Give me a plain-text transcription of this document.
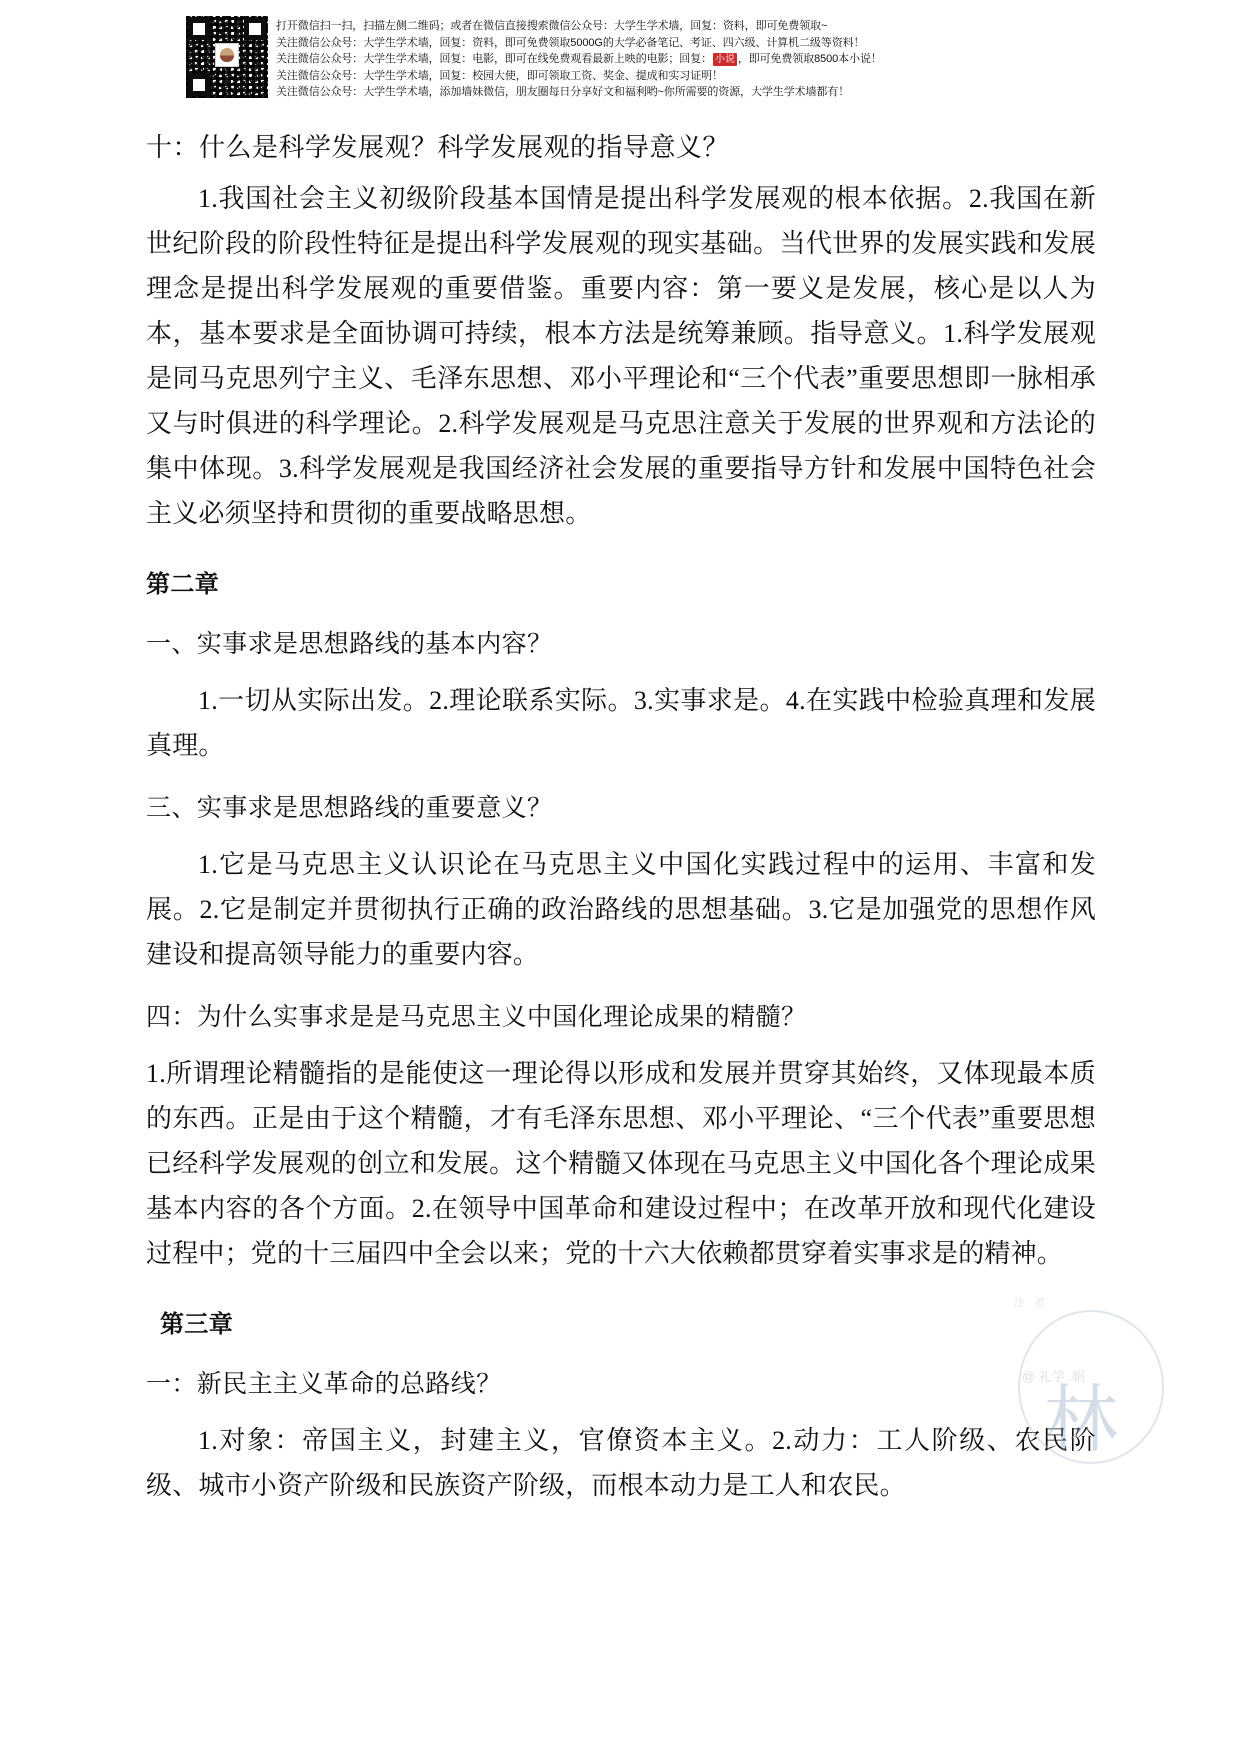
打开微信扫一扫，扫描左侧二维码；或者在微信直接搜索微信公众号：大学生学术墙，回复：资料，即可免费领取~
关注微信公众号：大学生学术墙，回复：资料，即可免费领取5000G的大学必备笔记、考证、四六级、计算机二级等资料！
关注微信公众号：大学生学术墙，回复：电影，即可在线免费观看最新上映的电影；回复： 小说 ，即可免费领取8500本小说！
关注微信公众号：大学生学术墙，回复：校园大使，即可领取工资、奖金、提成和实习证明！
关注微信公众号：大学生学术墙，添加墙妹微信，朋友圈每日分享好文和福利哟~你所需要的资源，大学生学术墙都有！
十：什么是科学发展观？科学发展观的指导意义？

1.我国社会主义初级阶段基本国情是提出科学发展观的根本依据。2.我国在新世纪阶段的阶段性特征是提出科学发展观的现实基础。当代世界的发展实践和发展理念是提出科学发展观的重要借鉴。重要内容：第一要义是发展，核心是以人为本，基本要求是全面协调可持续，根本方法是统筹兼顾。指导意义。1.科学发展观是同马克思列宁主义、毛泽东思想、邓小平理论和“三个代表”重要思想即一脉相承又与时俱进的科学理论。2.科学发展观是马克思注意关于发展的世界观和方法论的集中体现。3.科学发展观是我国经济社会发展的重要指导方针和发展中国特色社会主义必须坚持和贯彻的重要战略思想。

第二章
一、实事求是思想路线的基本内容？

1.一切从实际出发。2.理论联系实际。3.实事求是。4.在实践中检验真理和发展真理。

三、实事求是思想路线的重要意义？

1.它是马克思主义认识论在马克思主义中国化实践过程中的运用、丰富和发展。2.它是制定并贯彻执行正确的政治路线的思想基础。3.它是加强党的思想作风建设和提高领导能力的重要内容。

四：为什么实事求是是马克思主义中国化理论成果的精髓？

1.所谓理论精髓指的是能使这一理论得以形成和发展并贯穿其始终，又体现最本质的东西。正是由于这个精髓，才有毛泽东思想、邓小平理论、“三个代表”重要思想已经科学发展观的创立和发展。这个精髓又体现在马克思主义中国化各个理论成果基本内容的各个方面。2.在领导中国革命和建设过程中；在改革开放和现代化建设过程中；党的十三届四中全会以来；党的十六大依赖都贯穿着实事求是的精神。

第三章
一：新民主主义革命的总路线？

1.对象：帝国主义，封建主义，官僚资本主义。2.动力：工人阶级、农民阶级、城市小资产阶级和民族资产阶级，而根本动力是工人和农民。

注 者
@ 礼学 .娟
林
